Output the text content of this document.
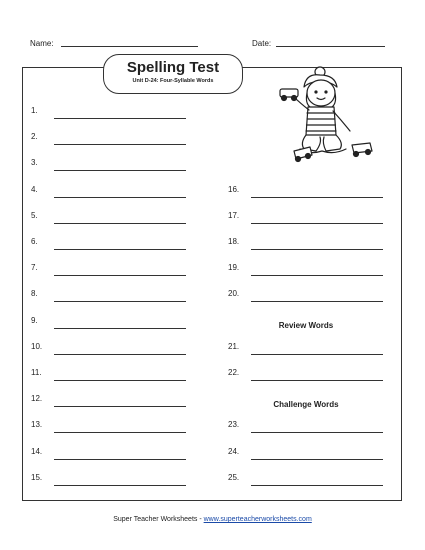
Name:	Date:
Spelling Test
Unit D-24: Four-Syllable Words
1.
2.
3.
4.
5.
6.
7.
8.
9.
10.
11.
12.
13.
14.
15.
16.
17.
18.
19.
20.
21.
22.
23.
24.
25.
Review Words
Challenge Words
Super Teacher Worksheets - www.superteacherworksheets.com
